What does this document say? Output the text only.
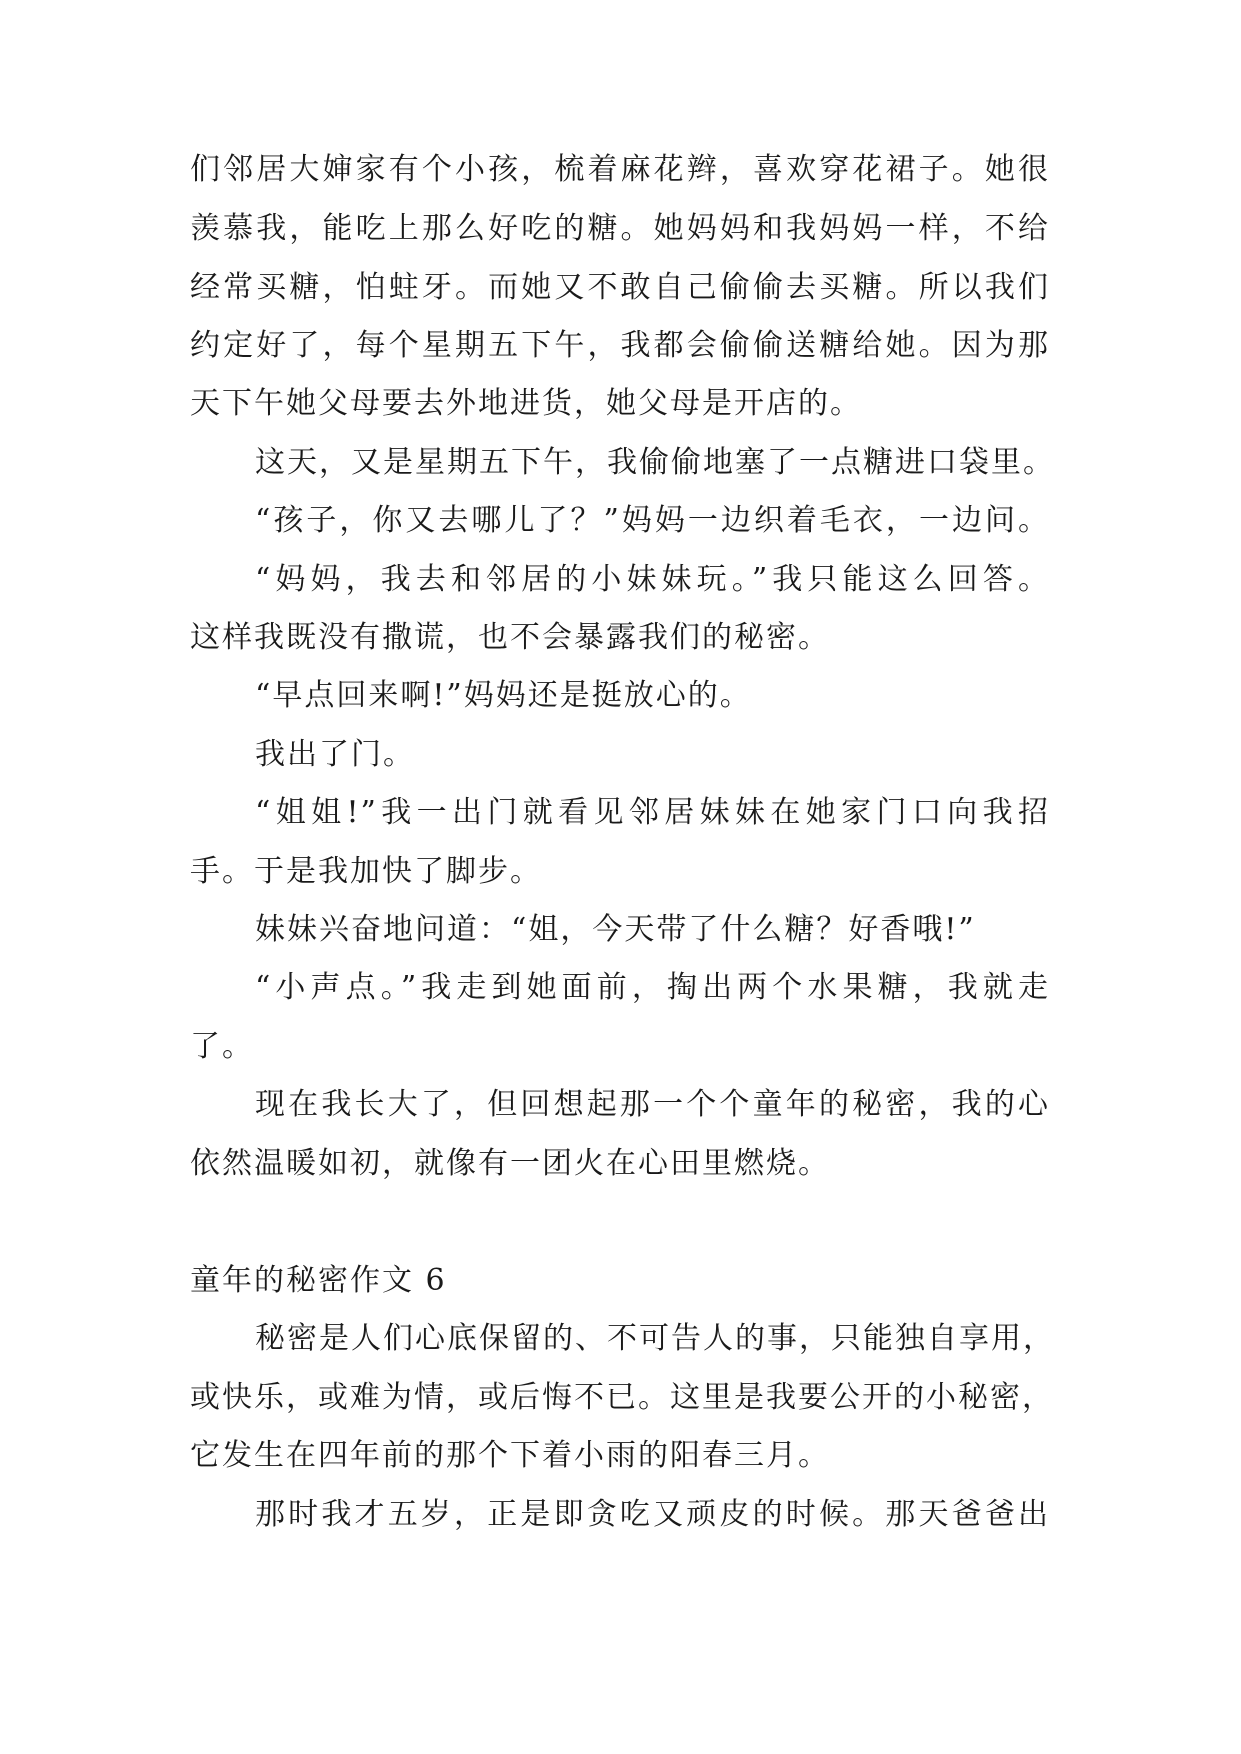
们邻居大婶家有个小孩，梳着麻花辫，喜欢穿花裙子。她很
羡慕我，能吃上那么好吃的糖。她妈妈和我妈妈一样，不给
经常买糖，怕蛀牙。而她又不敢自己偷偷去买糖。所以我们
约定好了，每个星期五下午，我都会偷偷送糖给她。因为那
天下午她父母要去外地进货，她父母是开店的。
这天，又是星期五下午，我偷偷地塞了一点糖进口袋里。
“孩子，你又去哪儿了？”妈妈一边织着毛衣，一边问。
“妈妈，我去和邻居的小妹妹玩。”我只能这么回答。
这样我既没有撒谎，也不会暴露我们的秘密。
“早点回来啊!”妈妈还是挺放心的。
我出了门。
“姐姐!”我一出门就看见邻居妹妹在她家门口向我招
手。于是我加快了脚步。
妹妹兴奋地问道：“姐，今天带了什么糖？好香哦!”
“小声点。”我走到她面前，掏出两个水果糖，我就走
了。
现在我长大了，但回想起那一个个童年的秘密，我的心
依然温暖如初，就像有一团火在心田里燃烧。
童年的秘密作文 6
秘密是人们心底保留的、不可告人的事，只能独自享用，
或快乐，或难为情，或后悔不已。这里是我要公开的小秘密，
它发生在四年前的那个下着小雨的阳春三月。
那时我才五岁，正是即贪吃又顽皮的时候。那天爸爸出
